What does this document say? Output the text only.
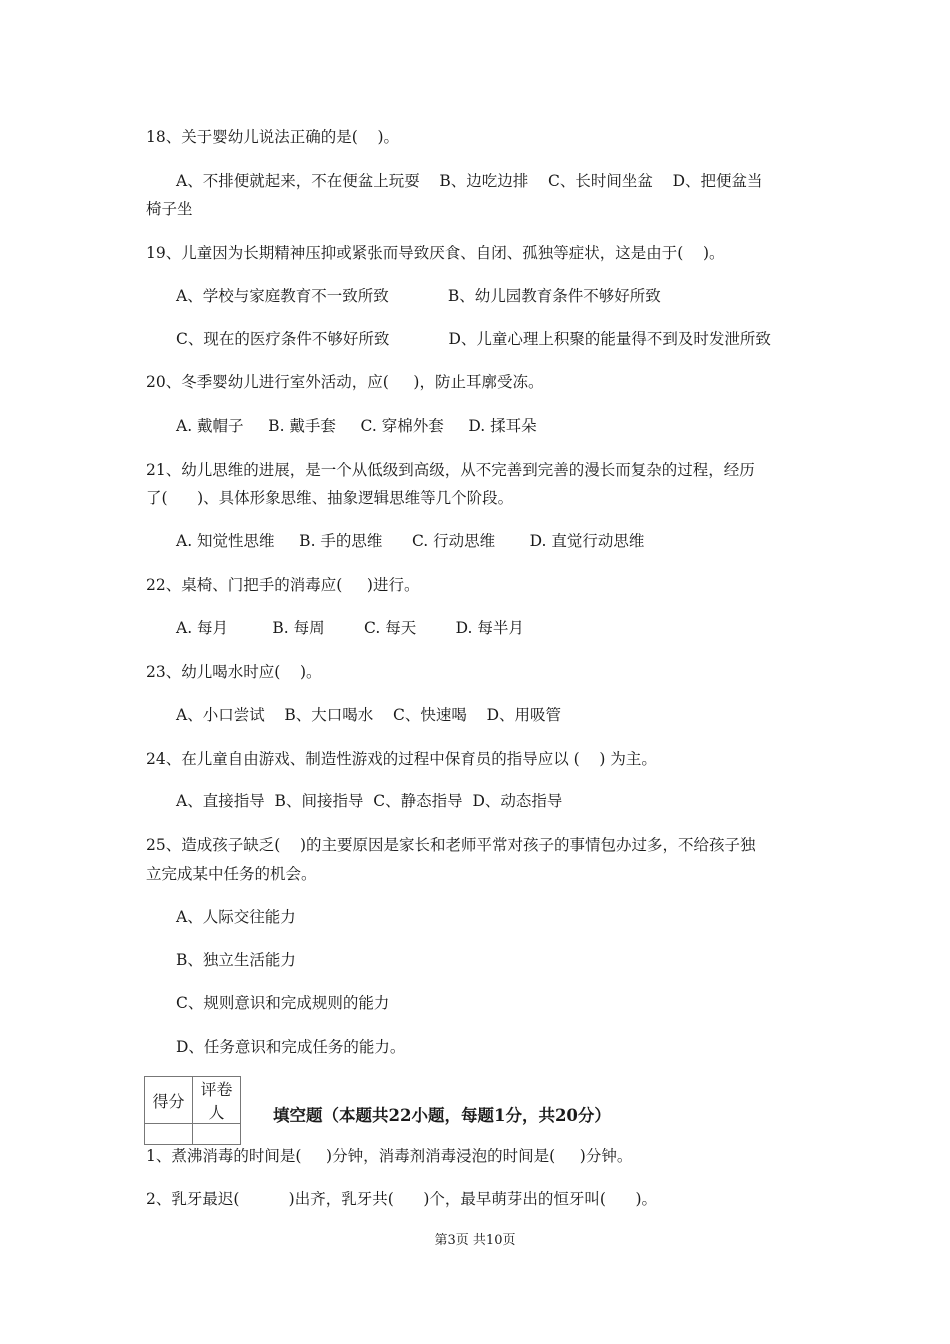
18、关于婴幼儿说法正确的是(    )。

A、不排便就起来，不在便盆上玩耍    B、边吃边排    C、长时间坐盆    D、把便盆当

椅子坐

19、儿童因为长期精神压抑或紧张而导致厌食、自闭、孤独等症状，这是由于(    )。

A、学校与家庭教育不一致所致            B、幼儿园教育条件不够好所致

C、现在的医疗条件不够好所致            D、儿童心理上积聚的能量得不到及时发泄所致

20、冬季婴幼儿进行室外活动，应(     )，防止耳廓受冻。

A. 戴帽子     B. 戴手套     C. 穿棉外套     D. 揉耳朵

21、幼儿思维的进展，是一个从低级到高级，从不完善到完善的漫长而复杂的过程，经历

了(      )、具体形象思维、抽象逻辑思维等几个阶段。

A. 知觉性思维     B. 手的思维      C. 行动思维       D. 直觉行动思维

22、桌椅、门把手的消毒应(     )进行。

A. 每月         B. 每周        C. 每天        D. 每半月

23、幼儿喝水时应(    )。

A、小口尝试    B、大口喝水    C、快速喝    D、用吸管

24、在儿童自由游戏、制造性游戏的过程中保育员的指导应以 (    ) 为主。

A、直接指导  B、间接指导  C、静态指导  D、动态指导

25、造成孩子缺乏(    )的主要原因是家长和老师平常对孩子的事情包办过多，不给孩子独

立完成某中任务的机会。

A、人际交往能力

B、独立生活能力

C、规则意识和完成规则的能力

D、任务意识和完成任务的能力。

得分	评卷人
		填空题（本题共22小题，每题1分，共20分）

1、煮沸消毒的时间是(     )分钟，消毒剂消毒浸泡的时间是(     )分钟。

2、乳牙最迟(          )出齐，乳牙共(      )个，最早萌芽出的恒牙叫(      )。

第3页 共10页
